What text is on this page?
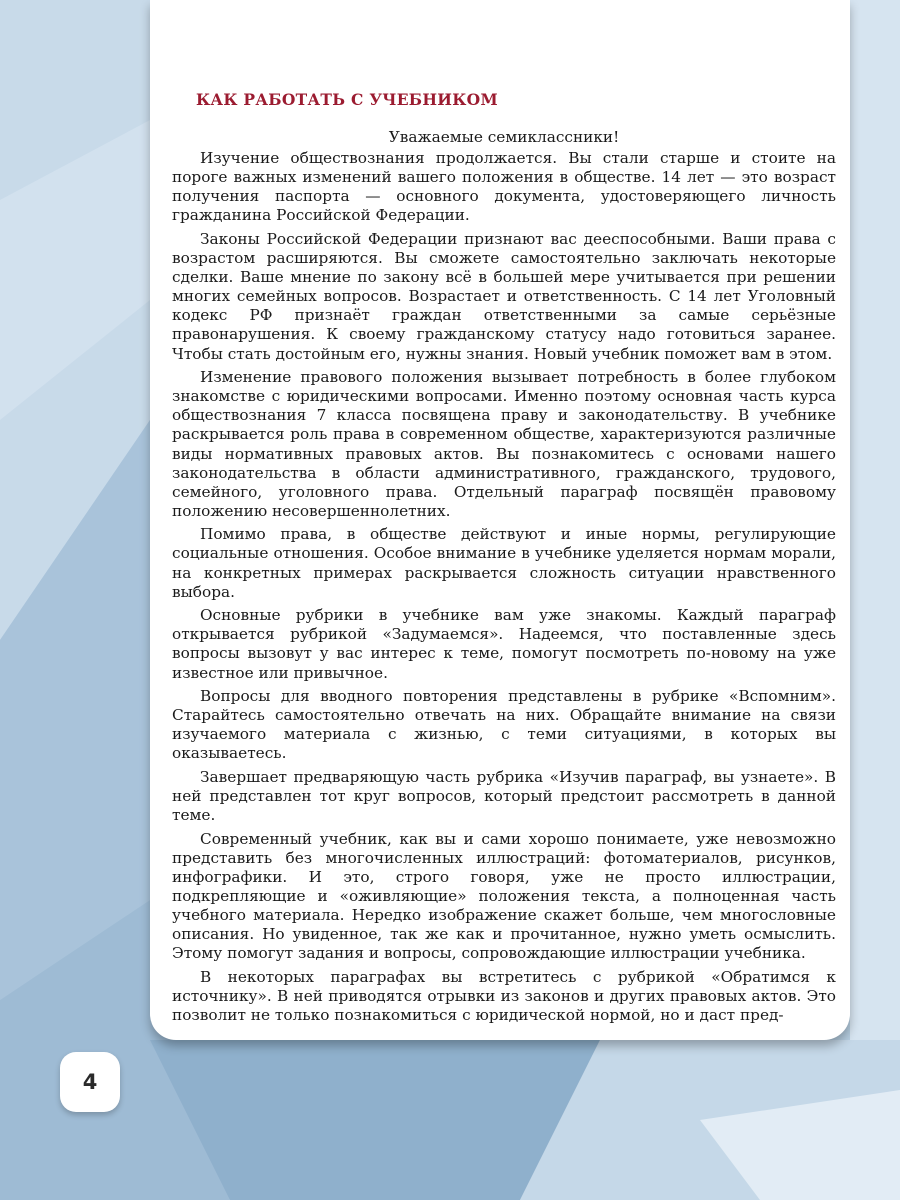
КАК РАБОТАТЬ С УЧЕБНИКОМ

Уважаемые семиклассники!

Изучение обществознания продолжается. Вы стали старше и стоите на пороге важных изменений вашего положения в обществе. 14 лет — это возраст получения паспорта — основного документа, удостоверяющего личность гражданина Российской Федерации.

Законы Российской Федерации признают вас дееспособными. Ваши права с возрастом расширяются. Вы сможете самостоятельно заключать некоторые сделки. Ваше мнение по закону всё в большей мере учитывается при решении многих семейных вопросов. Возрастает и ответственность. С 14 лет Уголовный кодекс РФ признаёт граждан ответственными за самые серьёзные правонарушения. К своему гражданскому статусу надо готовиться заранее. Чтобы стать достойным его, нужны знания. Новый учебник поможет вам в этом.

Изменение правового положения вызывает потребность в более глубоком знакомстве с юридическими вопросами. Именно поэтому основная часть курса обществознания 7 класса посвящена праву и законодательству. В учебнике раскрывается роль права в современном обществе, характеризуются различные виды нормативных правовых актов. Вы познакомитесь с основами нашего законодательства в области административного, гражданского, трудового, семейного, уголовного права. Отдельный параграф посвящён правовому положению несовершеннолетних.

Помимо права, в обществе действуют и иные нормы, регулирующие социальные отношения. Особое внимание в учебнике уделяется нормам морали, на конкретных примерах раскрывается сложность ситуации нравственного выбора.

Основные рубрики в учебнике вам уже знакомы. Каждый параграф открывается рубрикой «Задумаемся». Надеемся, что поставленные здесь вопросы вызовут у вас интерес к теме, помогут посмотреть по-новому на уже известное или привычное.

Вопросы для вводного повторения представлены в рубрике «Вспомним». Старайтесь самостоятельно отвечать на них. Обращайте внимание на связи изучаемого материала с жизнью, с теми ситуациями, в которых вы оказываетесь.

Завершает предваряющую часть рубрика «Изучив параграф, вы узнаете». В ней представлен тот круг вопросов, который предстоит рассмотреть в данной теме.

Современный учебник, как вы и сами хорошо понимаете, уже невозможно представить без многочисленных иллюстраций: фотоматериалов, рисунков, инфографики. И это, строго говоря, уже не просто иллюстрации, подкрепляющие и «оживляющие» положения текста, а полноценная часть учебного материала. Нередко изображение скажет больше, чем многословные описания. Но увиденное, так же как и прочитанное, нужно уметь осмыслить. Этому помогут задания и вопросы, сопровождающие иллюстрации учебника.

В некоторых параграфах вы встретитесь с рубрикой «Обратимся к источнику». В ней приводятся отрывки из законов и других правовых актов. Это позволит не только познакомиться с юридической нормой, но и даст пред-

4
